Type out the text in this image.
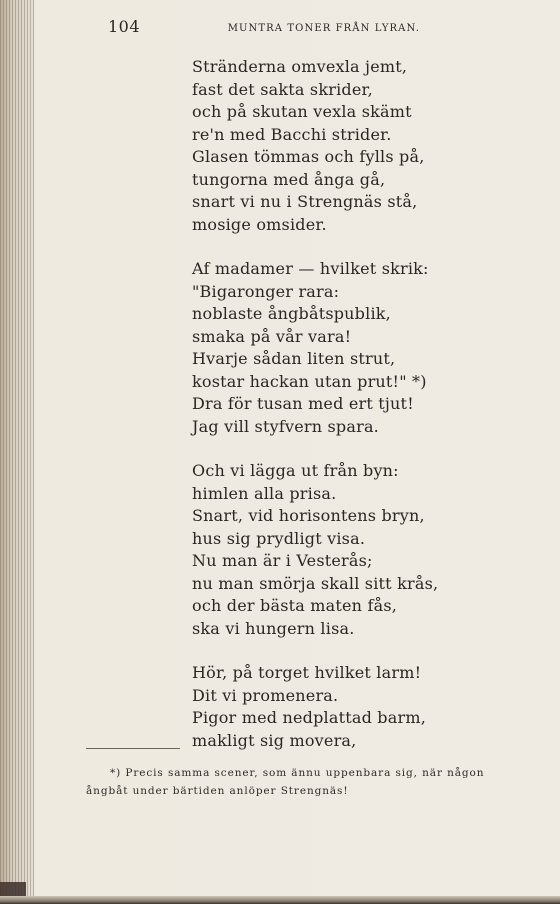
104	MUNTRA TONER FRÅN LYRAN.
Stränderna omvexla jemt,
fast det sakta skrider,
och på skutan vexla skämt
re'n med Bacchi strider.
Glasen tömmas och fylls på,
tungorna med ånga gå,
snart vi nu i Strengnäs stå,
mosige omsider.
Af madamer — hvilket skrik:
"Bigaronger rara:
noblaste ångbåtspublik,
smaka på vår vara!
Hvarje sådan liten strut,
kostar hackan utan prut!" *)
Dra för tusan med ert tjut!
Jag vill styfvern spara.
Och vi lägga ut från byn:
himlen alla prisa.
Snart, vid horisontens bryn,
hus sig prydligt visa.
Nu man är i Vesterås;
nu man smörja skall sitt krås,
och der bästa maten fås,
ska vi hungern lisa.
Hör, på torget hvilket larm!
Dit vi promenera.
Pigor med nedplattad barm,
makligt sig movera,
*) Precis samma scener, som ännu uppenbara sig, när någon
ångbåt under bärtiden anlöper Strengnäs!
